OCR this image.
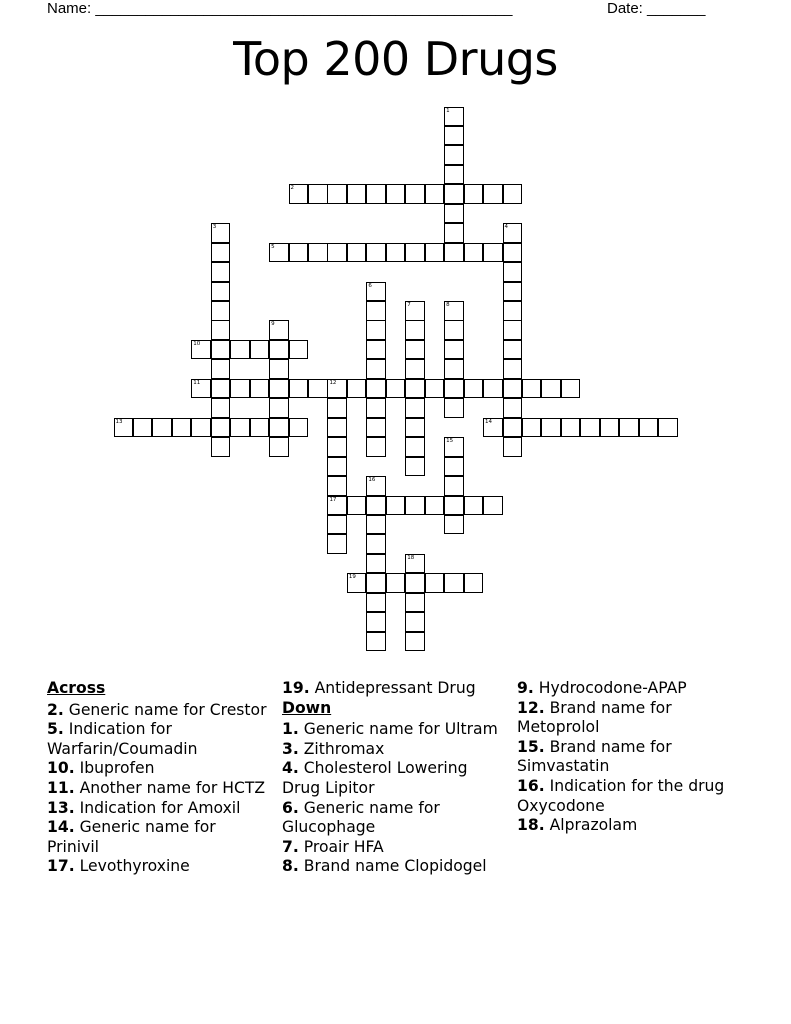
Name: __________________________________________________	Date: _______
Top 200 Drugs
1
2
3	4
5
6
7	8
9
10
11	12
17
13	14
15
16
18
19
Across
2. Generic name for Crestor
5. Indication for Warfarin/Coumadin
10. Ibuprofen
11. Another name for HCTZ
13. Indication for Amoxil
14. Generic name for Prinivil
17. Levothyroxine
19. Antidepressant Drug
Down
1. Generic name for Ultram
3. Zithromax
4. Cholesterol Lowering Drug Lipitor
6. Generic name for Glucophage
7. Proair HFA
8. Brand name Clopidogel
9. Hydrocodone-APAP
12. Brand name for Metoprolol
15. Brand name for Simvastatin
16. Indication for the drug Oxycodone
18. Alprazolam
